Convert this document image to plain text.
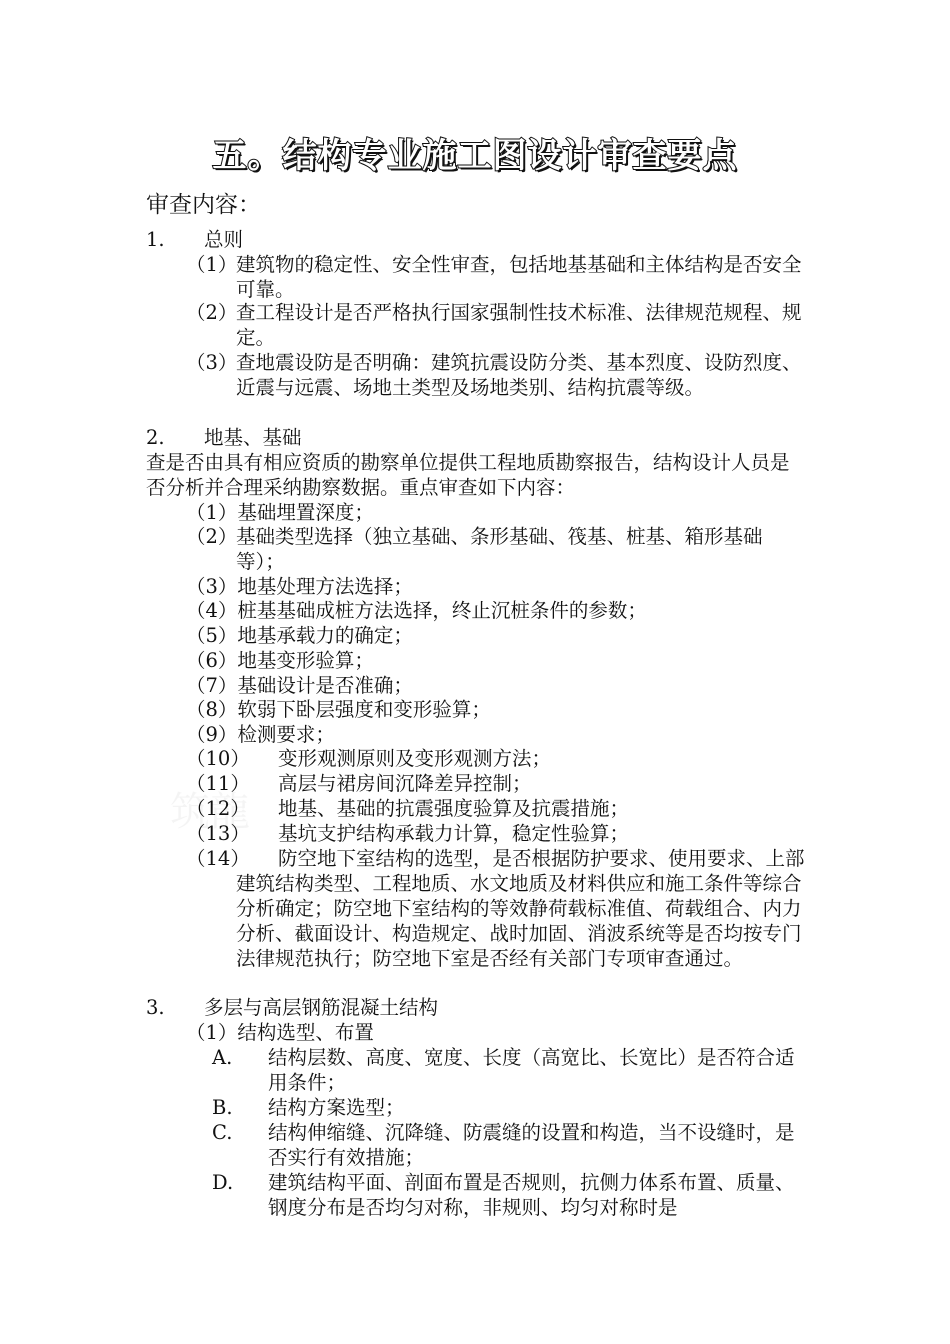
五。结构专业施工图设计审查要点
审查内容：
1. 总则
（1）
建筑物的稳定性、安全性审查，包括地基基础和主体结构是否安全可靠。
（2）
查工程设计是否严格执行国家强制性技术标准、法律规范规程、规定。
（3）
查地震设防是否明确：建筑抗震设防分类、基本烈度、设防烈度、近震与远震、场地土类型及场地类别、结构抗震等级。
2. 地基、基础
查是否由具有相应资质的勘察单位提供工程地质勘察报告，结构设计人员是否分析并合理采纳勘察数据。重点审查如下内容：
（1）基础埋置深度；
（2）
基础类型选择（独立基础、条形基础、筏基、桩基、箱形基础等）；
（3）地基处理方法选择；
（4）桩基基础成桩方法选择，终止沉桩条件的参数；
（5）地基承载力的确定；
（6）地基变形验算；
（7）基础设计是否准确；
（8）软弱下卧层强度和变形验算；
（9）检测要求；
（10） 变形观测原则及变形观测方法；
（11） 高层与裙房间沉降差异控制；
（12） 地基、基础的抗震强度验算及抗震措施；
（13） 基坑支护结构承载力计算，稳定性验算；
（14） 防空地下室结构的选型，是否根据防护要求、使用要求、上部建筑结构类型、工程地质、水文地质及材料供应和施工条件等综合分析确定；防空地下室结构的等效静荷载标准值、荷载组合、内力分析、截面设计、构造规定、战时加固、消波系统等是否均按专门法律规范执行；防空地下室是否经有关部门专项审查通过。
3. 多层与高层钢筋混凝土结构
（1）结构选型、布置
A. 结构层数、高度、宽度、长度（高宽比、长宽比）是否符合适用条件；
B. 结构方案选型；
C. 结构伸缩缝、沉降缝、防震缝的设置和构造，当不设缝时，是否实行有效措施；
D. 建筑结构平面、剖面布置是否规则，抗侧力体系布置、质量、钢度分布是否均匀对称，非规则、均匀对称时是
